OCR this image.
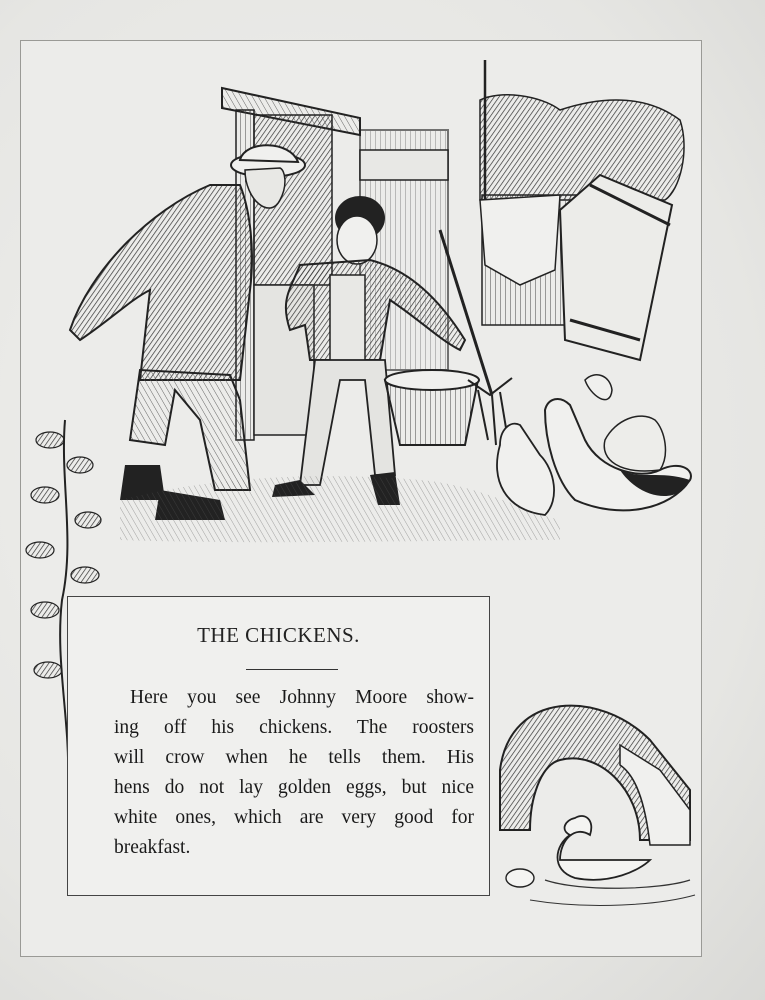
THE CHICKENS.
Here you see Johnny Moore show-
ing off his chickens. The roosters
will crow when he tells them. His
hens do not lay golden eggs, but nice
white ones, which are very good for
breakfast.
